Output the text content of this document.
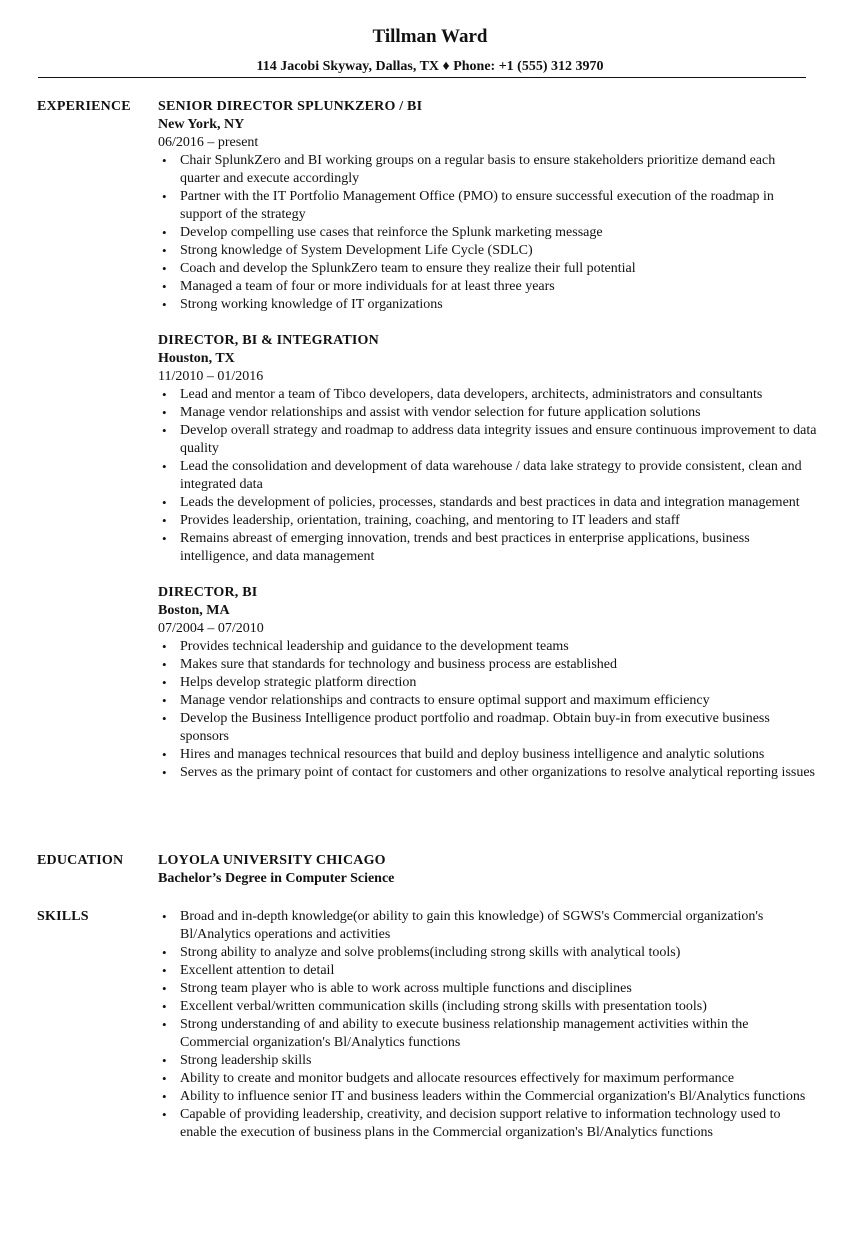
Tillman Ward
114 Jacobi Skyway, Dallas, TX ♦ Phone: +1 (555) 312 3970
EXPERIENCE SENIOR DIRECTOR SPLUNKZERO / BI
New York, NY
06/2016 – present
• Chair SplunkZero and BI working groups on a regular basis to ensure stakeholders prioritize demand each quarter and execute accordingly
• Partner with the IT Portfolio Management Office (PMO) to ensure successful execution of the roadmap in support of the strategy
• Develop compelling use cases that reinforce the Splunk marketing message
• Strong knowledge of System Development Life Cycle (SDLC)
• Coach and develop the SplunkZero team to ensure they realize their full potential
• Managed a team of four or more individuals for at least three years
• Strong working knowledge of IT organizations
DIRECTOR, BI & INTEGRATION
Houston, TX
11/2010 – 01/2016
• Lead and mentor a team of Tibco developers, data developers, architects, administrators and consultants
• Manage vendor relationships and assist with vendor selection for future application solutions
• Develop overall strategy and roadmap to address data integrity issues and ensure continuous improvement to data quality
• Lead the consolidation and development of data warehouse / data lake strategy to provide consistent, clean and integrated data
• Leads the development of policies, processes, standards and best practices in data and integration management
• Provides leadership, orientation, training, coaching, and mentoring to IT leaders and staff
• Remains abreast of emerging innovation, trends and best practices in enterprise applications, business intelligence, and data management
DIRECTOR, BI
Boston, MA
07/2004 – 07/2010
• Provides technical leadership and guidance to the development teams
• Makes sure that standards for technology and business process are established
• Helps develop strategic platform direction
• Manage vendor relationships and contracts to ensure optimal support and maximum efficiency
• Develop the Business Intelligence product portfolio and roadmap. Obtain buy-in from executive business sponsors
• Hires and manages technical resources that build and deploy business intelligence and analytic solutions
• Serves as the primary point of contact for customers and other organizations to resolve analytical reporting issues
EDUCATION LOYOLA UNIVERSITY CHICAGO
Bachelor’s Degree in Computer Science
SKILLS	• Broad and in-depth knowledge(or ability to gain this knowledge) of SGWS's Commercial organization's Bl/Analytics operations and activities
• Strong ability to analyze and solve problems(including strong skills with analytical tools)
• Excellent attention to detail
• Strong team player who is able to work across multiple functions and disciplines
• Excellent verbal/written communication skills (including strong skills with presentation tools)
• Strong understanding of and ability to execute business relationship management activities within the Commercial organization's Bl/Analytics functions
• Strong leadership skills
• Ability to create and monitor budgets and allocate resources effectively for maximum performance
• Ability to influence senior IT and business leaders within the Commercial organization's Bl/Analytics functions
• Capable of providing leadership, creativity, and decision support relative to information technology used to enable the execution of business plans in the Commercial organization's Bl/Analytics functions
